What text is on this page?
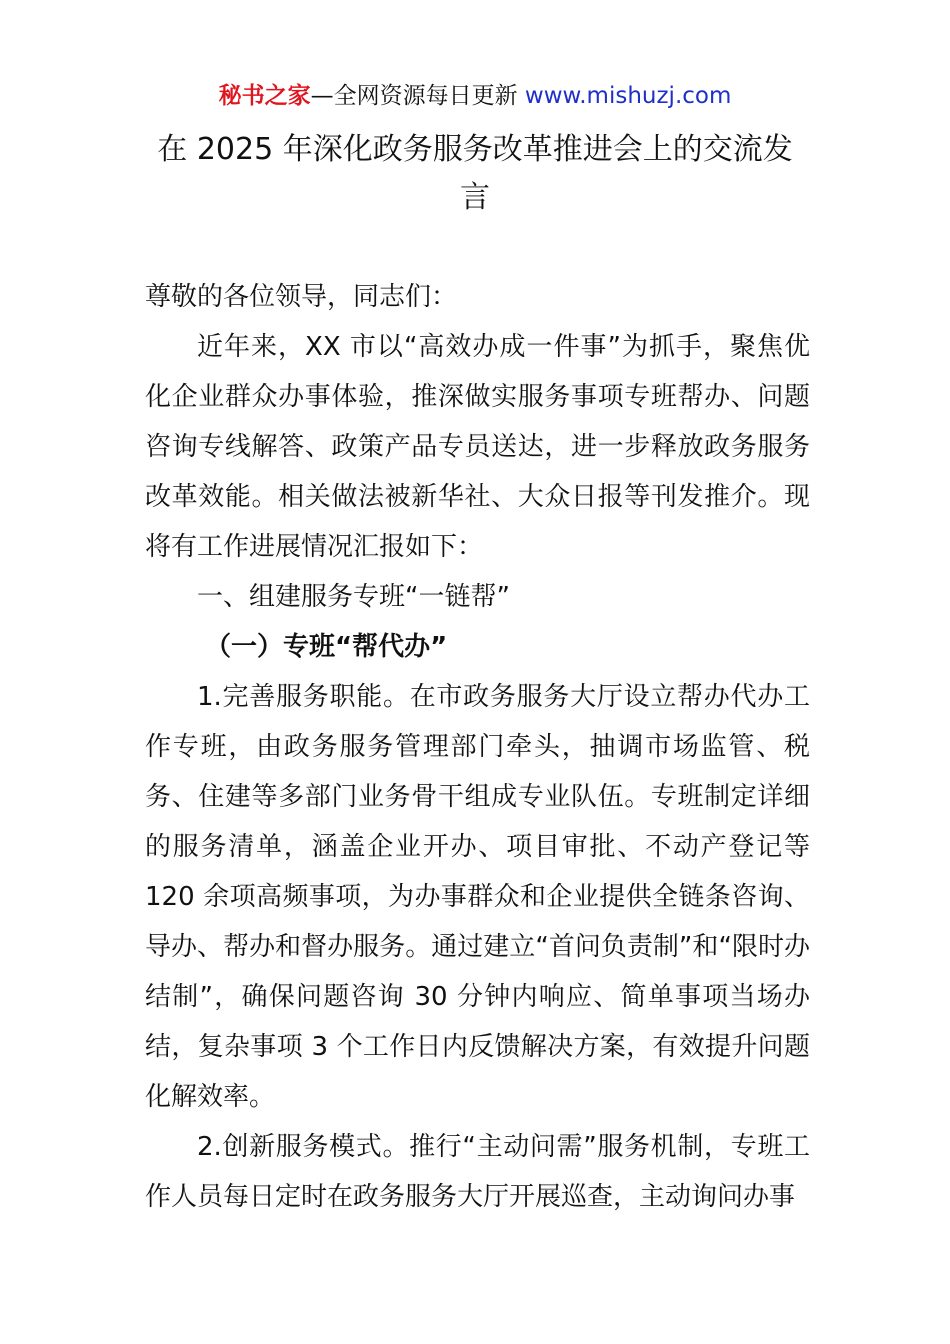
秘书之家—全网资源每日更新 www.mishuzj.com
在 2025 年深化政务服务改革推进会上的交流发言

尊敬的各位领导，同志们：

近年来，XX 市以“高效办成一件事”为抓手，聚焦优化企业群众办事体验，推深做实服务事项专班帮办、问题咨询专线解答、政策产品专员送达，进一步释放政务服务改革效能。相关做法被新华社、大众日报等刊发推介。现将有工作进展情况汇报如下：

一、组建服务专班“一链帮”

（一）专班“帮代办”

1.完善服务职能。在市政务服务大厅设立帮办代办工作专班，由政务服务管理部门牵头，抽调市场监管、税务、住建等多部门业务骨干组成专业队伍。专班制定详细的服务清单，涵盖企业开办、项目审批、不动产登记等 120 余项高频事项，为办事群众和企业提供全链条咨询、导办、帮办和督办服务。通过建立“首问负责制”和“限时办结制”，确保问题咨询 30 分钟内响应、简单事项当场办结，复杂事项 3 个工作日内反馈解决方案，有效提升问题化解效率。

2.创新服务模式。推行“主动问需”服务机制，专班工作人员每日定时在政务服务大厅开展巡查，主动询问办事
